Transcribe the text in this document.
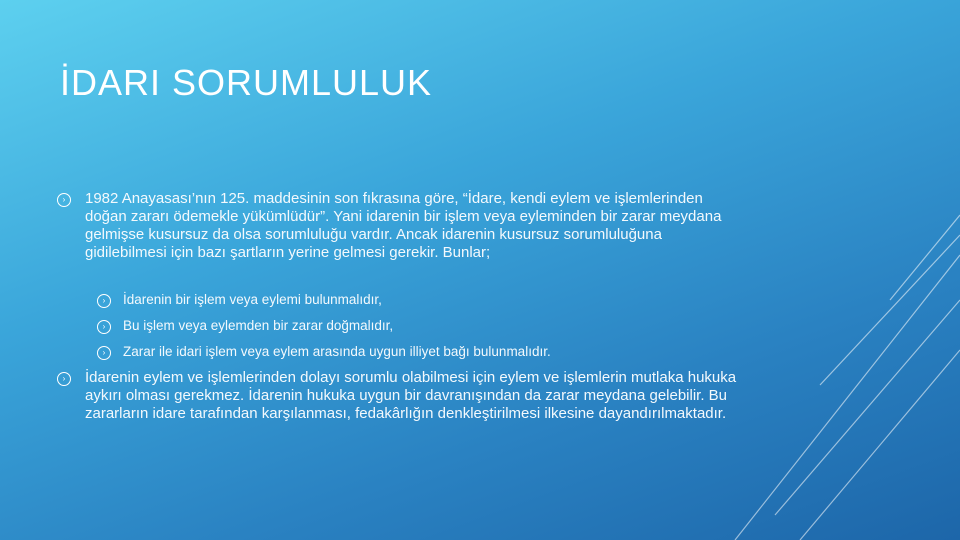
İDARI SORUMLULUK
›	1982 Anayasası’nın 125. maddesinin son fıkrasına göre, “İdare, kendi eylem ve işlemlerinden doğan zararı ödemekle yükümlüdür”. Yani idarenin bir işlem veya eyleminden bir zarar meydana gelmişse kusursuz da olsa sorumluluğu vardır. Ancak idarenin kusursuz sorumluluğuna gidilebilmesi için bazı şartların yerine gelmesi gerekir. Bunlar;
›	İdarenin bir işlem veya eylemi bulunmalıdır,
›	Bu işlem veya eylemden bir zarar doğmalıdır,
›	Zarar ile idari işlem veya eylem arasında uygun illiyet bağı bulunmalıdır.
›	İdarenin eylem ve işlemlerinden dolayı sorumlu olabilmesi için eylem ve işlemlerin mutlaka hukuka aykırı olması gerekmez. İdarenin hukuka uygun bir davranışından da zarar meydana gelebilir. Bu zararların idare tarafından karşılanması, fedakârlığın denkleştirilmesi ilkesine dayandırılmaktadır.
